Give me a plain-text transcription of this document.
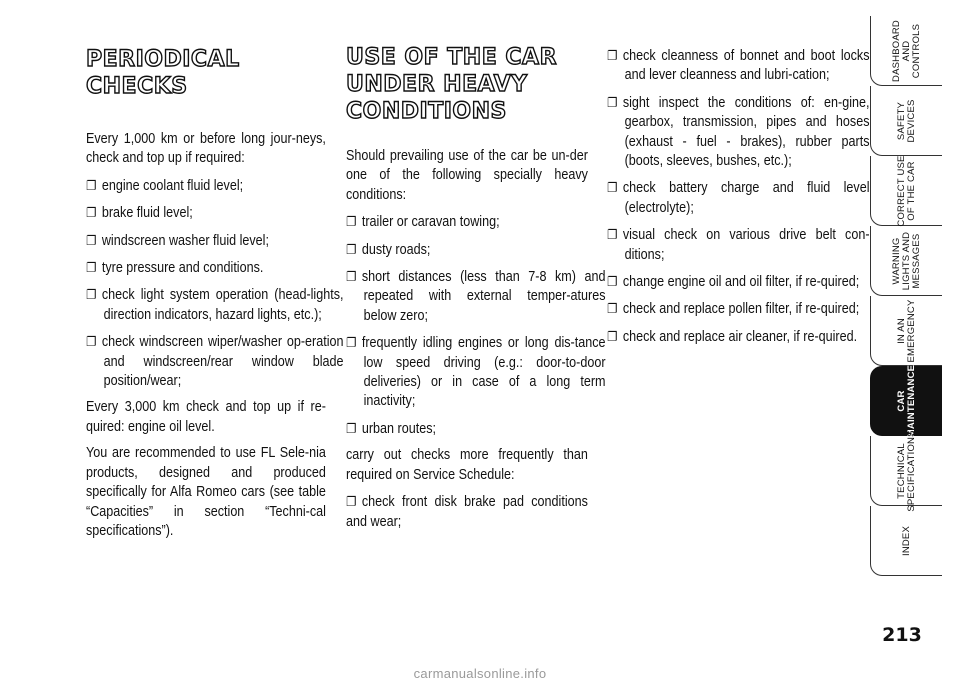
PERIODICAL CHECKS

Every 1,000 km or before long jour-neys, check and top up if required:

❐ engine coolant fluid level;

❐ brake fluid level;

❐ windscreen washer fluid level;

❐ tyre pressure and conditions.

❐ check light system operation (head-lights, direction indicators, hazard lights, etc.);

❐ check windscreen wiper/washer op-eration and windscreen/rear window blade position/wear;

Every 3,000 km check and top up if re-quired: engine oil level.

You are recommended to use FL Sele-nia products, designed and produced specifically for Alfa Romeo cars (see table “Capacities” in section “Techni-cal specifications”).

USE OF THE CAR UNDER HEAVY CONDITIONS

Should prevailing use of the car be un-der one of the following specially heavy conditions:

❐ trailer or caravan towing;

❐ dusty roads;

❐ short distances (less than 7-8 km) and repeated with external temper-atures below zero;

❐ frequently idling engines or long dis-tance low speed driving (e.g.: door-to-door deliveries) or in case of a long term inactivity;

❐ urban routes;

carry out checks more frequently than required on Service Schedule:

❐ check front disk brake pad conditions and wear;

❐ check cleanness of bonnet and boot locks and lever cleanness and lubri-cation;

❐ sight inspect the conditions of: en-gine, gearbox, transmission, pipes and hoses (exhaust - fuel - brakes), rubber parts (boots, sleeves, bushes, etc.);

❐ check battery charge and fluid level (electrolyte);

❐ visual check on various drive belt con-ditions;

❐ change engine oil and oil filter, if re-quired;

❐ check and replace pollen filter, if re-quired;

❐ check and replace air cleaner, if re-quired.

DASHBOARD
AND
CONTROLS
SAFETY
DEVICES
CORRECT USE
OF THE CAR
WARNING
LIGHTS AND
MESSAGES
IN AN
EMERGENCY
CAR
MAINTENANCE
TECHNICAL
SPECIFICATIONS
INDEX
213
carmanualsonline.info
